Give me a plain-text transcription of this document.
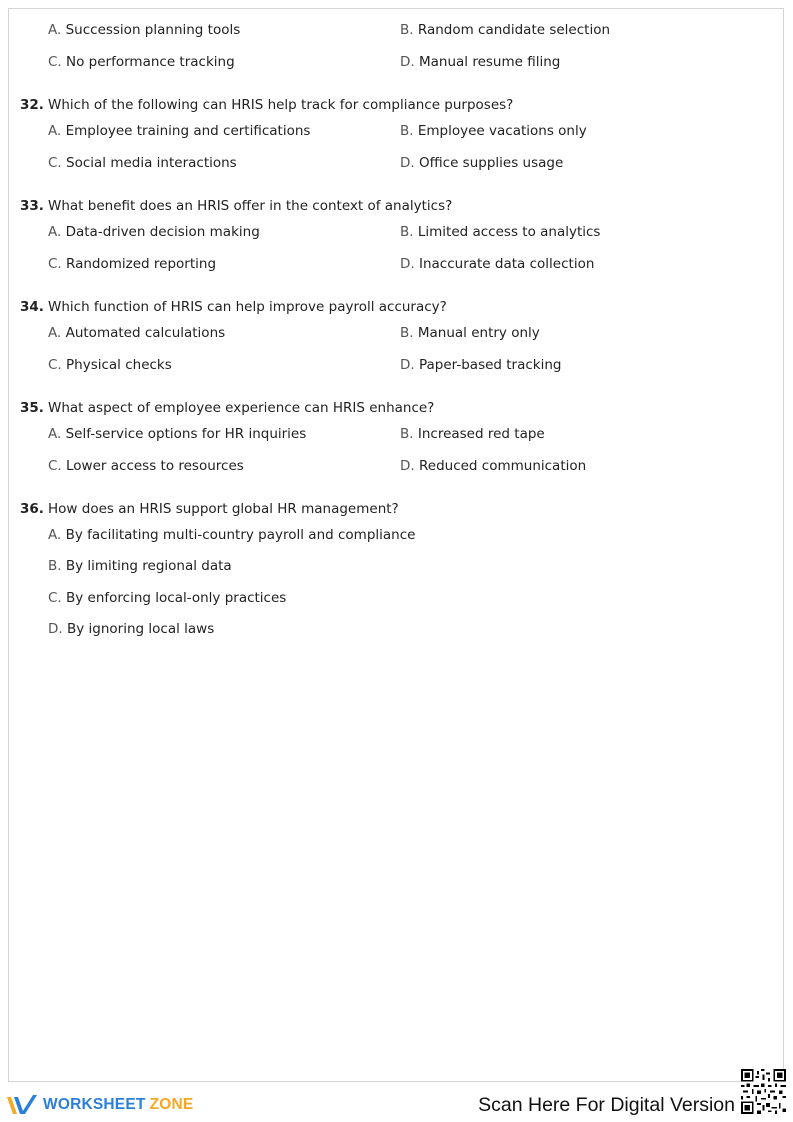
A. Succession planning tools	B. Random candidate selection
C. No performance tracking	D. Manual resume filing
32. Which of the following can HRIS help track for compliance purposes?
A. Employee training and certifications	B. Employee vacations only
C. Social media interactions	D. Office supplies usage
33. What benefit does an HRIS offer in the context of analytics?
A. Data-driven decision making	B. Limited access to analytics
C. Randomized reporting	D. Inaccurate data collection
34. Which function of HRIS can help improve payroll accuracy?
A. Automated calculations	B. Manual entry only
C. Physical checks	D. Paper-based tracking
35. What aspect of employee experience can HRIS enhance?
A. Self-service options for HR inquiries	B. Increased red tape
C. Lower access to resources	D. Reduced communication
36. How does an HRIS support global HR management?
A. By facilitating multi-country payroll and compliance
B. By limiting regional data
C. By enforcing local-only practices
D. By ignoring local laws
WORKSHEET ZONE	Scan Here For Digital Version
